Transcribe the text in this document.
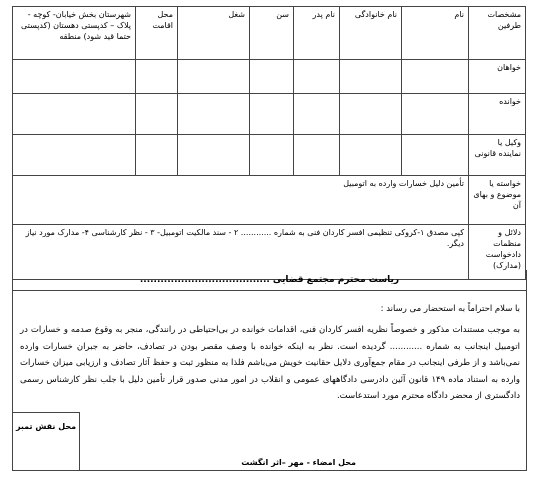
مشخصات طرفین	نام	نام خانوادگی	نام پدر	سن	شغل	محل اقامت	شهرستان بخش خیابان- کوچه - پلاک – کدپستی دهستان (کدپستی حتما قید شود) منطقه
خواهان							
خوانده							
وکیل یا نماینده قانونی							
خواسته یا موضوع و بهای آن	تأمین دلیل خسارات وارده به اتومبیل						
دلائل و منظمات دادخواست (مدارک)	کپی مصدق ۱-کروکی تنظیمی افسر کاردان فنی به شماره ............ ۲ - سند مالکیت اتومبیل- ۳ - نظر کارشناسی ۴- مدارک مورد نیاز دیگر.						
ریاست محترم مجتمع قضایی ......................................
با سلام احتراماً به استحضار می رساند :
به موجب مستندات مذکور و خصوصاً نظریه افسر کاردان فنی، اقدامات خوانده در بی‌احتیاطی در رانندگی، منجر به وقوع صدمه و خسارات در اتومبیل اینجانب به شماره ............ گردیده است. نظر به اینکه خوانده با وصف مقصر بودن در تصادف، حاضر به جبران خسارات وارده نمی‌باشد و از طرفی اینجانب در مقام جمع‌آوری دلایل حقانیت خویش می‌باشم فلذا به منظور ثبت و حفظ آثار تصادف و ارزیابی میزان خسارات وارده به استناد ماده ۱۴۹ قانون آئین دادرسی دادگاههای عمومی و انقلاب در امور مدنی صدور قرار تأمین دلیل با جلب نظر کارشناس رسمی دادگستری از محضر دادگاه محترم مورد استدعاست.
محل نقش تمبر
محل امضاء - مهر –اثر انگشت
